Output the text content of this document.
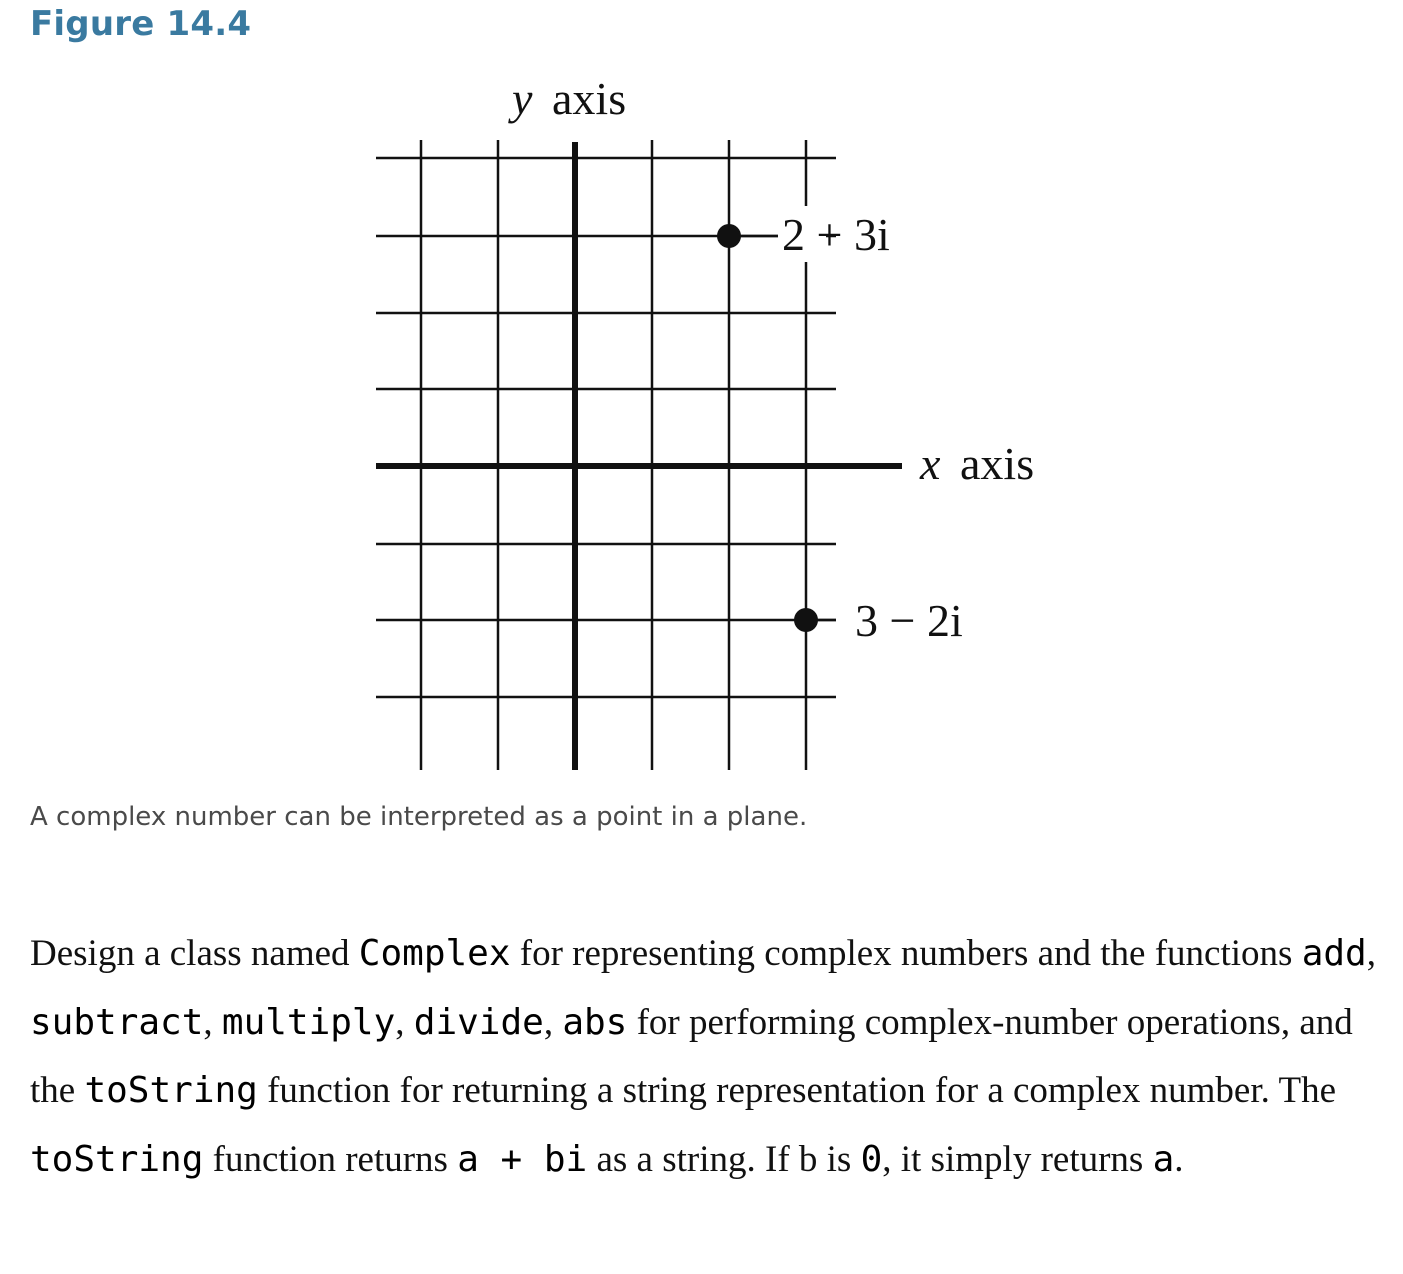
Figure 14.4
y axis
x axis
2 + 3i
3 − 2i

A complex number can be interpreted as a point in a plane.

Design a class named Complex for representing complex numbers and the functions add, subtract, multiply, divide, abs for performing complex-number operations, and the toString function for returning a string representation for a complex number. The toString function returns a + bi as a string. If b is 0, it simply returns a.
